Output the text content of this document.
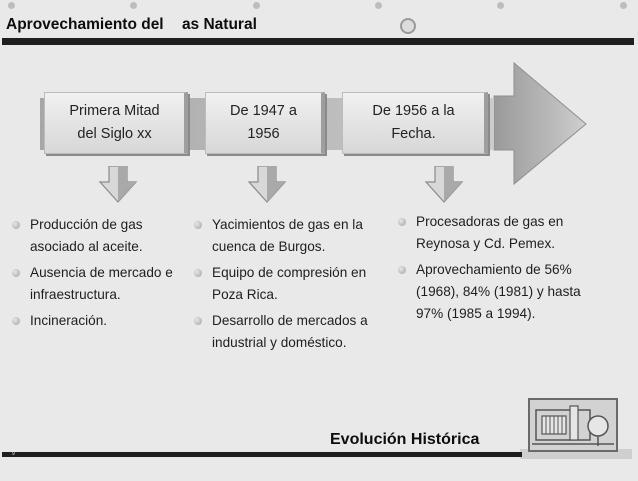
Aprovechamiento del as Natural
Primera Mitad
del Siglo xx
De 1947 a
1956
De 1956 a la
Fecha.
Producción de gas asociado al aceite.
Ausencia de mercado e infraestructura.
Incineración.
Yacimientos de gas en la cuenca de Burgos.
Equipo de compresión en Poza Rica.
Desarrollo de mercados a industrial y doméstico.
Procesadoras de gas en Reynosa y Cd. Pemex.
Aprovechamiento de 56% (1968), 84% (1981) y hasta 97% (1985 a 1994).
Evolución Histórica
9
